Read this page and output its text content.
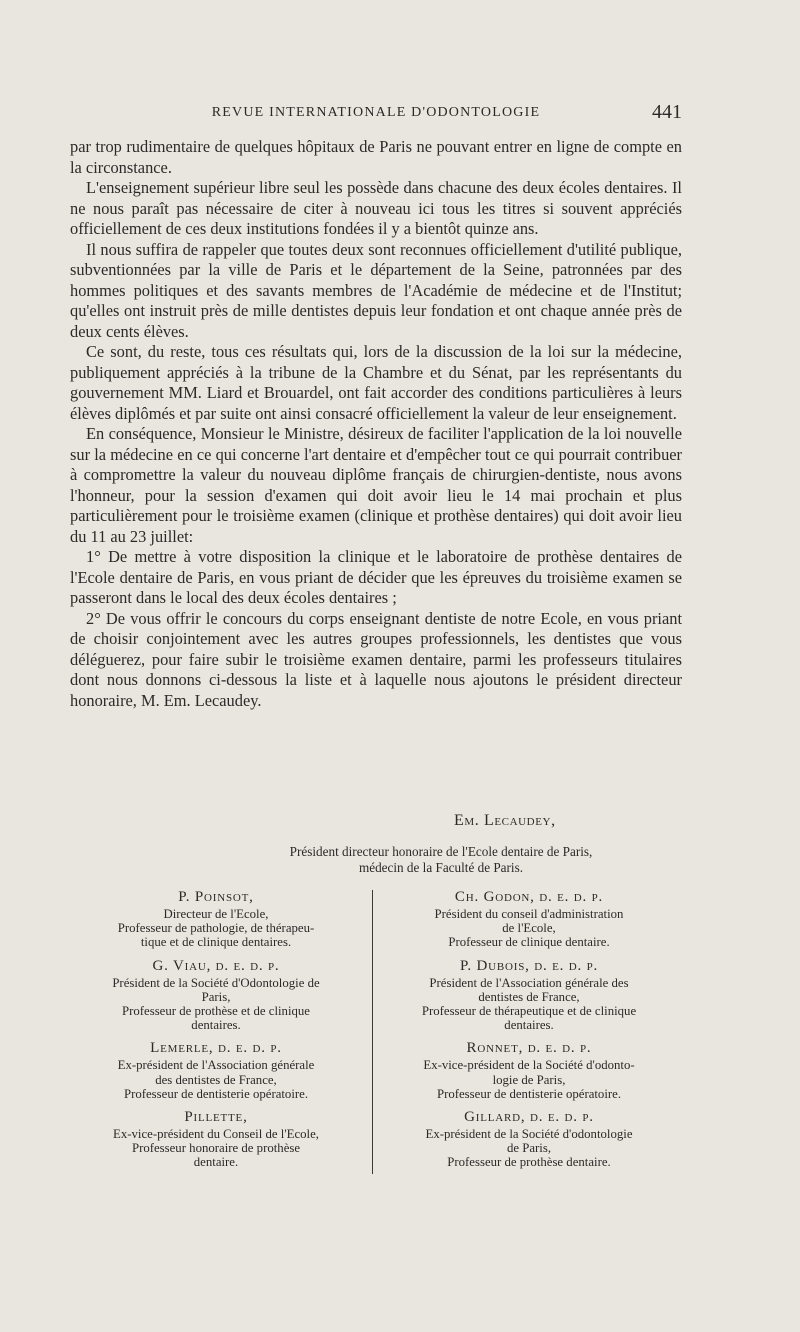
REVUE INTERNATIONALE D'ODONTOLOGIE	441

par trop rudimentaire de quelques hôpitaux de Paris ne pouvant entrer en ligne de compte en la circonstance.

L'enseignement supérieur libre seul les possède dans chacune des deux écoles dentaires. Il ne nous paraît pas nécessaire de citer à nouveau ici tous les titres si souvent appréciés officiellement de ces deux institutions fondées il y a bientôt quinze ans.

Il nous suffira de rappeler que toutes deux sont reconnues officiellement d'utilité publique, subventionnées par la ville de Paris et le département de la Seine, patronnées par des hommes politiques et des savants membres de l'Académie de médecine et de l'Institut; qu'elles ont instruit près de mille dentistes depuis leur fondation et ont chaque année près de deux cents élèves.

Ce sont, du reste, tous ces résultats qui, lors de la discussion de la loi sur la médecine, publiquement appréciés à la tribune de la Chambre et du Sénat, par les représentants du gouvernement MM. Liard et Brouardel, ont fait accorder des conditions particulières à leurs élèves diplômés et par suite ont ainsi consacré officiellement la valeur de leur enseignement.

En conséquence, Monsieur le Ministre, désireux de faciliter l'application de la loi nouvelle sur la médecine en ce qui concerne l'art dentaire et d'empêcher tout ce qui pourrait contribuer à compromettre la valeur du nouveau diplôme français de chirurgien-dentiste, nous avons l'honneur, pour la session d'examen qui doit avoir lieu le 14 mai prochain et plus particulièrement pour le troisième examen (clinique et prothèse dentaires) qui doit avoir lieu du 11 au 23 juillet:

1° De mettre à votre disposition la clinique et le laboratoire de prothèse dentaires de l'Ecole dentaire de Paris, en vous priant de décider que les épreuves du troisième examen se passeront dans le local des deux écoles dentaires ;

2° De vous offrir le concours du corps enseignant dentiste de notre Ecole, en vous priant de choisir conjointement avec les autres groupes professionnels, les dentistes que vous déléguerez, pour faire subir le troisième examen dentaire, parmi les professeurs titulaires dont nous donnons ci-dessous la liste et à laquelle nous ajoutons le président directeur honoraire, M. Em. Lecaudey.

Em. Lecaudey,
Président directeur honoraire de l'Ecole dentaire de Paris,
médecin de la Faculté de Paris.
P. Poinsot,
Directeur de l'Ecole,
Professeur de pathologie, de thérapeu-
tique et de clinique dentaires.
G. Viau, d. e. d. p.
Président de la Société d'Odontologie de
Paris,
Professeur de prothèse et de clinique
dentaires.
Lemerle, d. e. d. p.
Ex-président de l'Association générale
des dentistes de France,
Professeur de dentisterie opératoire.
Pillette,
Ex-vice-président du Conseil de l'Ecole,
Professeur honoraire de prothèse
dentaire.
Ch. Godon, d. e. d. p.
Président du conseil d'administration
de l'Ecole,
Professeur de clinique dentaire.
P. Dubois, d. e. d. p.
Président de l'Association générale des
dentistes de France,
Professeur de thérapeutique et de clinique
dentaires.
Ronnet, d. e. d. p.
Ex-vice-président de la Société d'odonto-
logie de Paris,
Professeur de dentisterie opératoire.
Gillard, d. e. d. p.
Ex-président de la Société d'odontologie
de Paris,
Professeur de prothèse dentaire.
